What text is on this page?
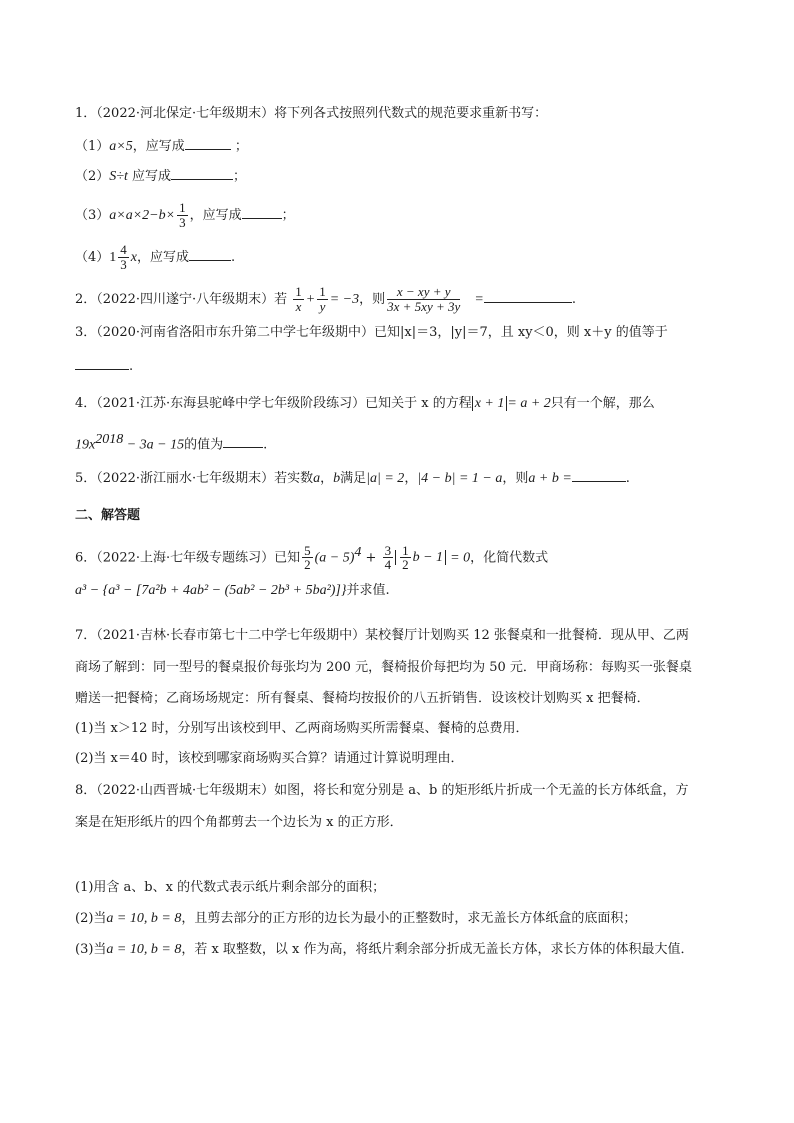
1．（2022·河北保定·七年级期末）将下列各式按照列代数式的规范要求重新书写：
（1）a×5，应写成	；
（2）S÷t 应写成	；
$(3)a\times a\times 2-b\times \frac{1}{3}$ ，应写成	；
$(4)1 \frac{4}{3}$ x，应写成	.
2．（2022·四川遂宁·八年级期末）若 $\frac{1}{x} + \frac{1}{y} = -3$，则 $\frac{x - xy + y}{3x + 5xy + 3y}$ =	.
3．（2020·河南省洛阳市东升第二中学七年级期中）已知|x|＝3，|y|＝7，且 xy＜0，则 x＋y 的值等于
.
4．（2021·江苏·东海县驼峰中学七年级阶段练习）已知关于 x 的方程 x + 1 = a + 2只有一个解，那么
$19x^{2018} - 3a - 15$的值为	.
5．（2022·浙江丽水·七年级期末）若实数a，b满足|a| = 2，|4 − b| = 1 − a，则a + b =	.
二、解答题
6．（2022·上海·七年级专题练习）已知 $\frac{5}{2} (a - 5)^4 + \frac{3}{4} \frac{1}{2}$ b − 1 = 0，化简代数式
a³ − {a³ − [7a²b + 4ab² − (5ab² − 2b³ + 5ba²)]}并求值.
7．（2021·吉林·长春市第七十二中学七年级期中）某校餐厅计划购买 12 张餐桌和一批餐椅．现从甲、乙两
商场了解到：同一型号的餐桌报价每张均为 200 元，餐椅报价每把均为 50 元．甲商场称：每购买一张餐桌
赠送一把餐椅；乙商场场规定：所有餐桌、餐椅均按报价的八五折销售．设该校计划购买 x 把餐椅．
(1)当 x＞12 时，分别写出该校到甲、乙两商场购买所需餐桌、餐椅的总费用．
(2)当 x＝40 时，该校到哪家商场购买合算？请通过计算说明理由．
8．（2022·山西晋城·七年级期末）如图，将长和宽分别是 a、b 的矩形纸片折成一个无盖的长方体纸盒，方
案是在矩形纸片的四个角都剪去一个边长为 x 的正方形．
(1)用含 a、b、x 的代数式表示纸片剩余部分的面积；
(2)当a = 10, b = 8，且剪去部分的正方形的边长为最小的正整数时，求无盖长方体纸盒的底面积；
(3)当a = 10, b = 8，若 x 取整数，以 x 作为高，将纸片剩余部分折成无盖长方体，求长方体的体积最大值．
